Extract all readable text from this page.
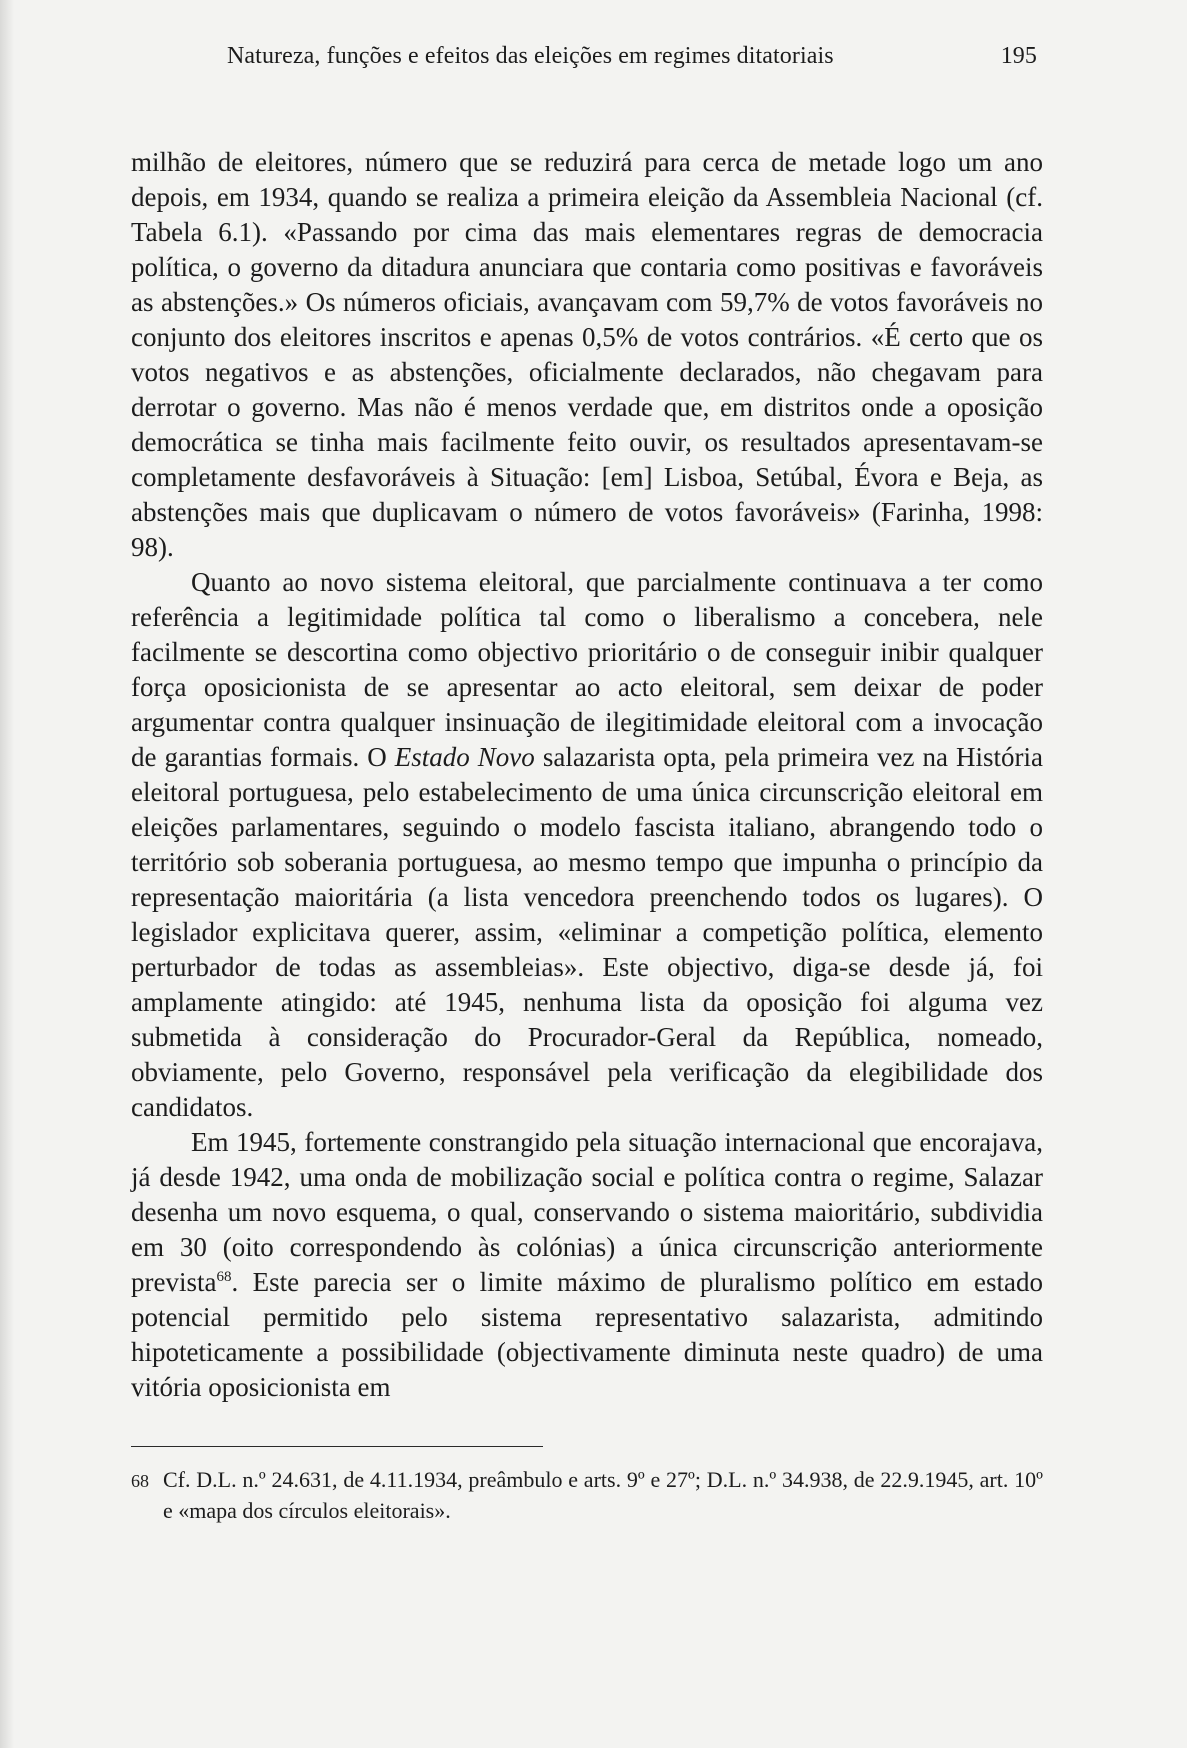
Natureza, funções e efeitos das eleições em regimes ditatoriais	195

milhão de eleitores, número que se reduzirá para cerca de metade logo um ano depois, em 1934, quando se realiza a primeira eleição da Assembleia Nacional (cf. Tabela 6.1). «Passando por cima das mais elementares regras de democracia política, o governo da ditadura anunciara que contaria como positivas e favoráveis as abstenções.» Os números oficiais, avançavam com 59,7% de votos favoráveis no conjunto dos eleitores inscritos e apenas 0,5% de votos contrários. «É certo que os votos negativos e as abstenções, oficialmente declarados, não chegavam para derrotar o governo. Mas não é menos verdade que, em distritos onde a oposição democrática se tinha mais facilmente feito ouvir, os resultados apresentavam-se completamente desfavoráveis à Situação: [em] Lisboa, Setúbal, Évora e Beja, as abstenções mais que duplicavam o número de votos favoráveis» (Farinha, 1998: 98).

Quanto ao novo sistema eleitoral, que parcialmente continuava a ter como referência a legitimidade política tal como o liberalismo a concebera, nele facilmente se descortina como objectivo prioritário o de conseguir inibir qualquer força oposicionista de se apresentar ao acto eleitoral, sem deixar de poder argumentar contra qualquer insinuação de ilegitimidade eleitoral com a invocação de garantias formais. O Estado Novo salazarista opta, pela primeira vez na História eleitoral portuguesa, pelo estabelecimento de uma única circunscrição eleitoral em eleições parlamentares, seguindo o modelo fascista italiano, abrangendo todo o território sob soberania portuguesa, ao mesmo tempo que impunha o princípio da representação maioritária (a lista vencedora preenchendo todos os lugares). O legislador explicitava querer, assim, «eliminar a competição política, elemento perturbador de todas as assembleias». Este objectivo, diga-se desde já, foi amplamente atingido: até 1945, nenhuma lista da oposição foi alguma vez submetida à consideração do Procurador-Geral da República, nomeado, obviamente, pelo Governo, responsável pela verificação da elegibilidade dos candidatos.

Em 1945, fortemente constrangido pela situação internacional que encorajava, já desde 1942, uma onda de mobilização social e política contra o regime, Salazar desenha um novo esquema, o qual, conservando o sistema maioritário, subdividia em 30 (oito correspondendo às colónias) a única circunscrição anteriormente prevista$^{68}$. Este parecia ser o limite máximo de pluralismo político em estado potencial permitido pelo sistema representativo salazarista, admitindo hipoteticamente a possibilidade (objectivamente diminuta neste quadro) de uma vitória oposicionista em

68 Cf. D.L. n.º 24.631, de 4.11.1934, preâmbulo e arts. 9º e 27º; D.L. n.º 34.938, de 22.9.1945, art. 10º e «mapa dos círculos eleitorais».
